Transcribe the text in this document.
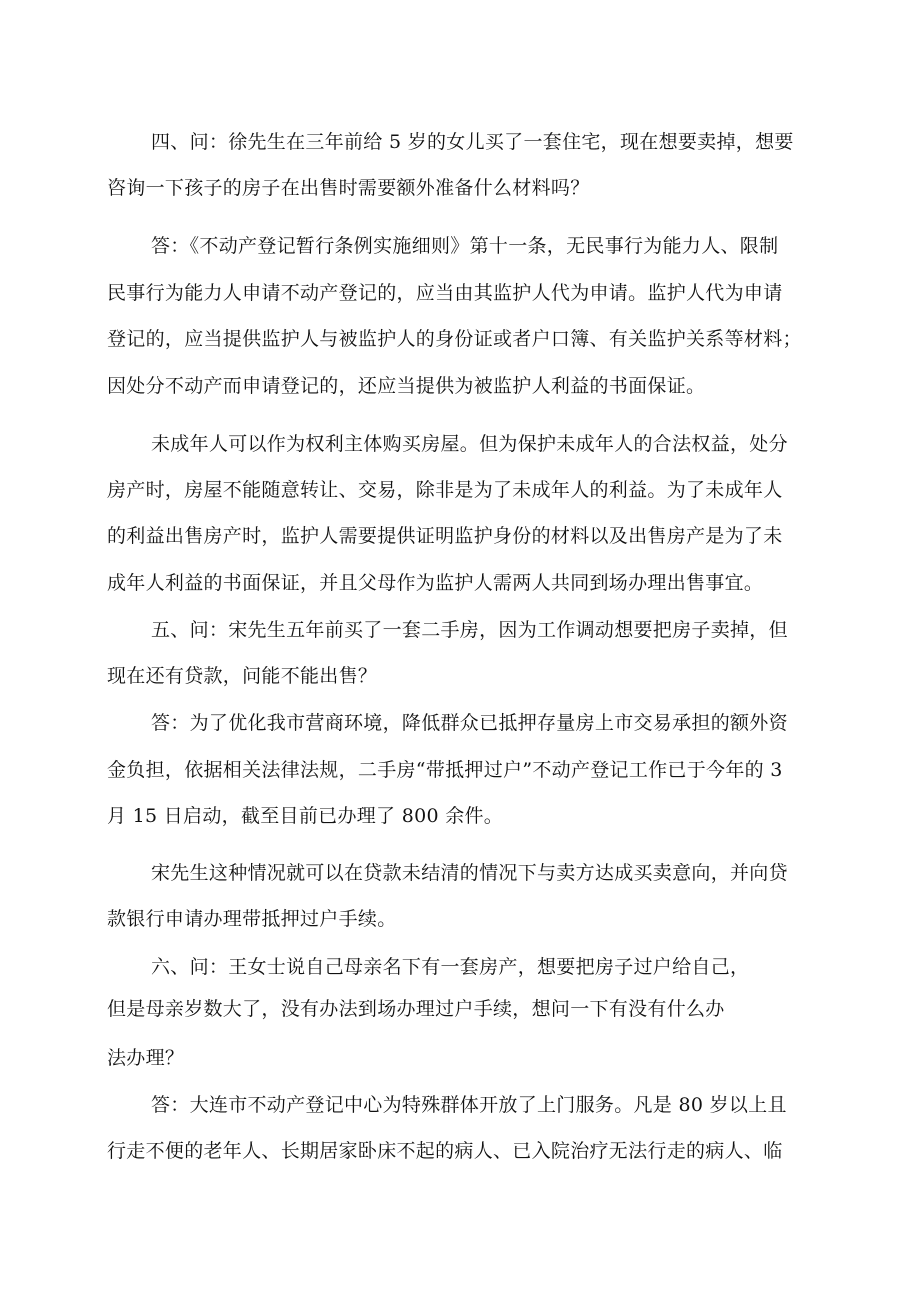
四、问：徐先生在三年前给 5 岁的女儿买了一套住宅，现在想要卖掉，想要
咨询一下孩子的房子在出售时需要额外准备什么材料吗？
答：《不动产登记暂行条例实施细则》第十一条，无民事行为能力人、限制
民事行为能力人申请不动产登记的，应当由其监护人代为申请。监护人代为申请
登记的，应当提供监护人与被监护人的身份证或者户口簿、有关监护关系等材料；
因处分不动产而申请登记的，还应当提供为被监护人利益的书面保证。
未成年人可以作为权利主体购买房屋。但为保护未成年人的合法权益，处分
房产时，房屋不能随意转让、交易，除非是为了未成年人的利益。为了未成年人
的利益出售房产时，监护人需要提供证明监护身份的材料以及出售房产是为了未
成年人利益的书面保证，并且父母作为监护人需两人共同到场办理出售事宜。
五、问：宋先生五年前买了一套二手房，因为工作调动想要把房子卖掉，但
现在还有贷款，问能不能出售？
答：为了优化我市营商环境，降低群众已抵押存量房上市交易承担的额外资
金负担，依据相关法律法规，二手房“带抵押过户”不动产登记工作已于今年的 3
月 15 日启动，截至目前已办理了 800 余件。
宋先生这种情况就可以在贷款未结清的情况下与卖方达成买卖意向，并向贷
款银行申请办理带抵押过户手续。
六、问：王女士说自己母亲名下有一套房产，想要把房子过户给自己，
但是母亲岁数大了，没有办法到场办理过户手续，想问一下有没有什么办
法办理？
答：大连市不动产登记中心为特殊群体开放了上门服务。凡是 80 岁以上且
行走不便的老年人、长期居家卧床不起的病人、已入院治疗无法行走的病人、临
